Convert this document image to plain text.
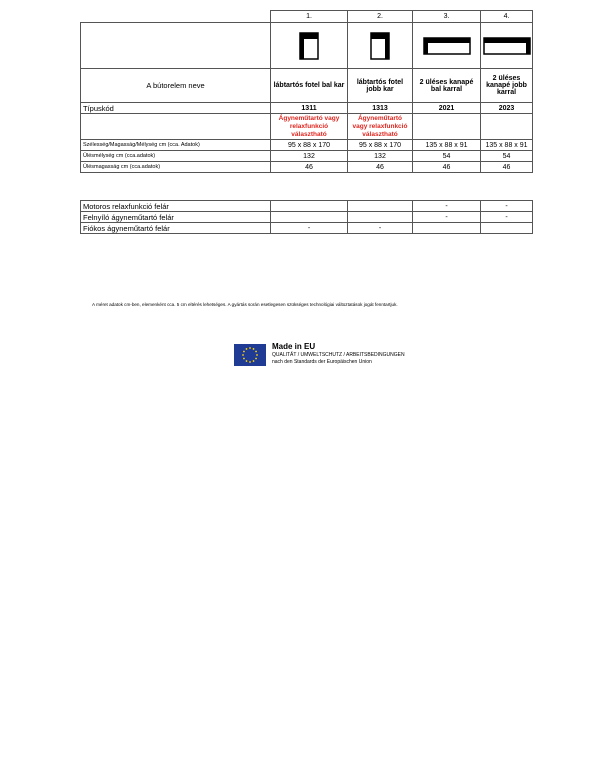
	1.	2.	3.	4.

A bútorelem neve	lábtartós fotel bal kar	lábtartós fotel jobb kar	2 üléses kanapé bal karral	2 üléses kanapé jobb karral
Típuskód	1311	1313	2021	2023
	Ágyneműtartó vagy relaxfunkció választható	Ágyneműtartó vagy relaxfunkció választható		
Szélesség/Magasság/Mélység cm (cca. Adatok)	95 x 88 x 170	95 x 88 x 170	135 x 88 x 91	135 x 88 x 91
Ülésmélység cm (cca.adatok)	132	132	54	54
Ülésmagasság cm (cca.adatok)	46	46	46	46
Motoros relaxfunkció felár			-	-
Felnyíló ágyneműtartó felár			-	-
Fiókos ágyneműtartó felár	-	-		
A méret adatok cm-ben, elemenként cca. 5 cm eltérés lehetséges. A gyártás során esetlegesen szükséges technológiai változtatások jogát fenntartjuk.
Made in EU
QUALITÄT / UMWELTSCHUTZ / ARBEITSBEDINGUNGEN
nach den Standards der Europäischen Union
